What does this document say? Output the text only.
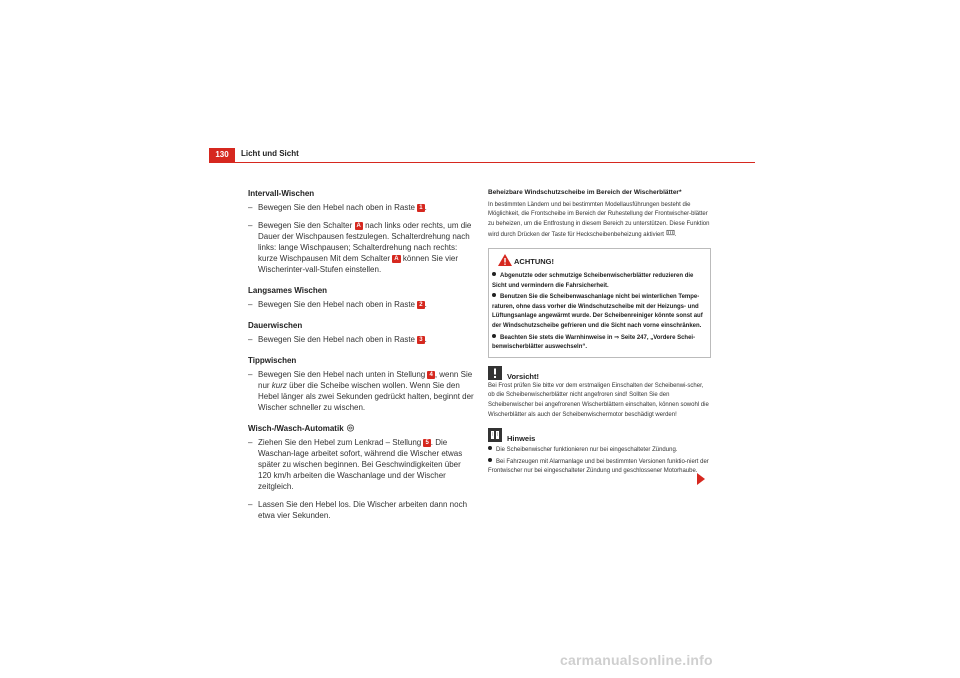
130	Licht und Sicht
Intervall-Wischen

– Bewegen Sie den Hebel nach oben in Raste 1 .

– Bewegen Sie den Schalter A nach links oder rechts, um die Dauer der Wischpausen festzulegen. Schalterdrehung nach links: lange Wischpausen; Schalterdrehung nach rechts: kurze Wischpausen Mit dem Schalter A können Sie vier Wischerinter-vall-Stufen einstellen.

Langsames Wischen

– Bewegen Sie den Hebel nach oben in Raste 2 .

Dauerwischen

– Bewegen Sie den Hebel nach oben in Raste 3 .

Tippwischen

– Bewegen Sie den Hebel nach unten in Stellung 4 , wenn Sie nur kurz über die Scheibe wischen wollen. Wenn Sie den Hebel länger als zwei Sekunden gedrückt halten, beginnt der Wischer schneller zu wischen.

Wisch-/Wasch-Automatik

– Ziehen Sie den Hebel zum Lenkrad – Stellung 5 . Die Waschan-lage arbeitet sofort, während die Wischer etwas später zu wischen beginnen. Bei Geschwindigkeiten über 120 km/h arbeiten die Waschanlage und der Wischer zeitgleich.

– Lassen Sie den Hebel los. Die Wischer arbeiten dann noch etwa vier Sekunden.

Beheizbare Windschutzscheibe im Bereich der Wischerblätter*
In bestimmten Ländern und bei bestimmten Modellausführungen besteht die Möglichkeit, die Frontscheibe im Bereich der Ruhestellung der Frontwischer-blätter zu beheizen, um die Entfrostung in diesem Bereich zu unterstützen. Diese Funktion wird durch Drücken der Taste für Heckscheibenbeheizung aktiviert .
ACHTUNG!
Abgenutzte oder schmutzige Scheibenwischerblätter reduzieren die Sicht und vermindern die Fahrsicherheit.
Benutzen Sie die Scheibenwaschanlage nicht bei winterlichen Tempe-raturen, ohne dass vorher die Windschutzscheibe mit der Heizungs- und Lüftungsanlage angewärmt wurde. Der Scheibenreiniger könnte sonst auf der Windschutzscheibe gefrieren und die Sicht nach vorne einschränken.
Beachten Sie stets die Warnhinweise in ⇒ Seite 247, „Vordere Schei-benwischerblätter auswechseln“.
Vorsicht!
Bei Frost prüfen Sie bitte vor dem erstmaligen Einschalten der Scheibenwi-scher, ob die Scheibenwischerblätter nicht angefroren sind! Sollten Sie den Scheibenwischer bei angefrorenen Wischerblättern einschalten, können sowohl die Wischerblätter als auch der Scheibenwischermotor beschädigt werden!
Hinweis
Die Scheibenwischer funktionieren nur bei eingeschalteter Zündung.
Bei Fahrzeugen mit Alarmanlage und bei bestimmten Versionen funktio-niert der Frontwischer nur bei eingeschalteter Zündung und geschlossener Motorhaube.
carmanualsonline.info
